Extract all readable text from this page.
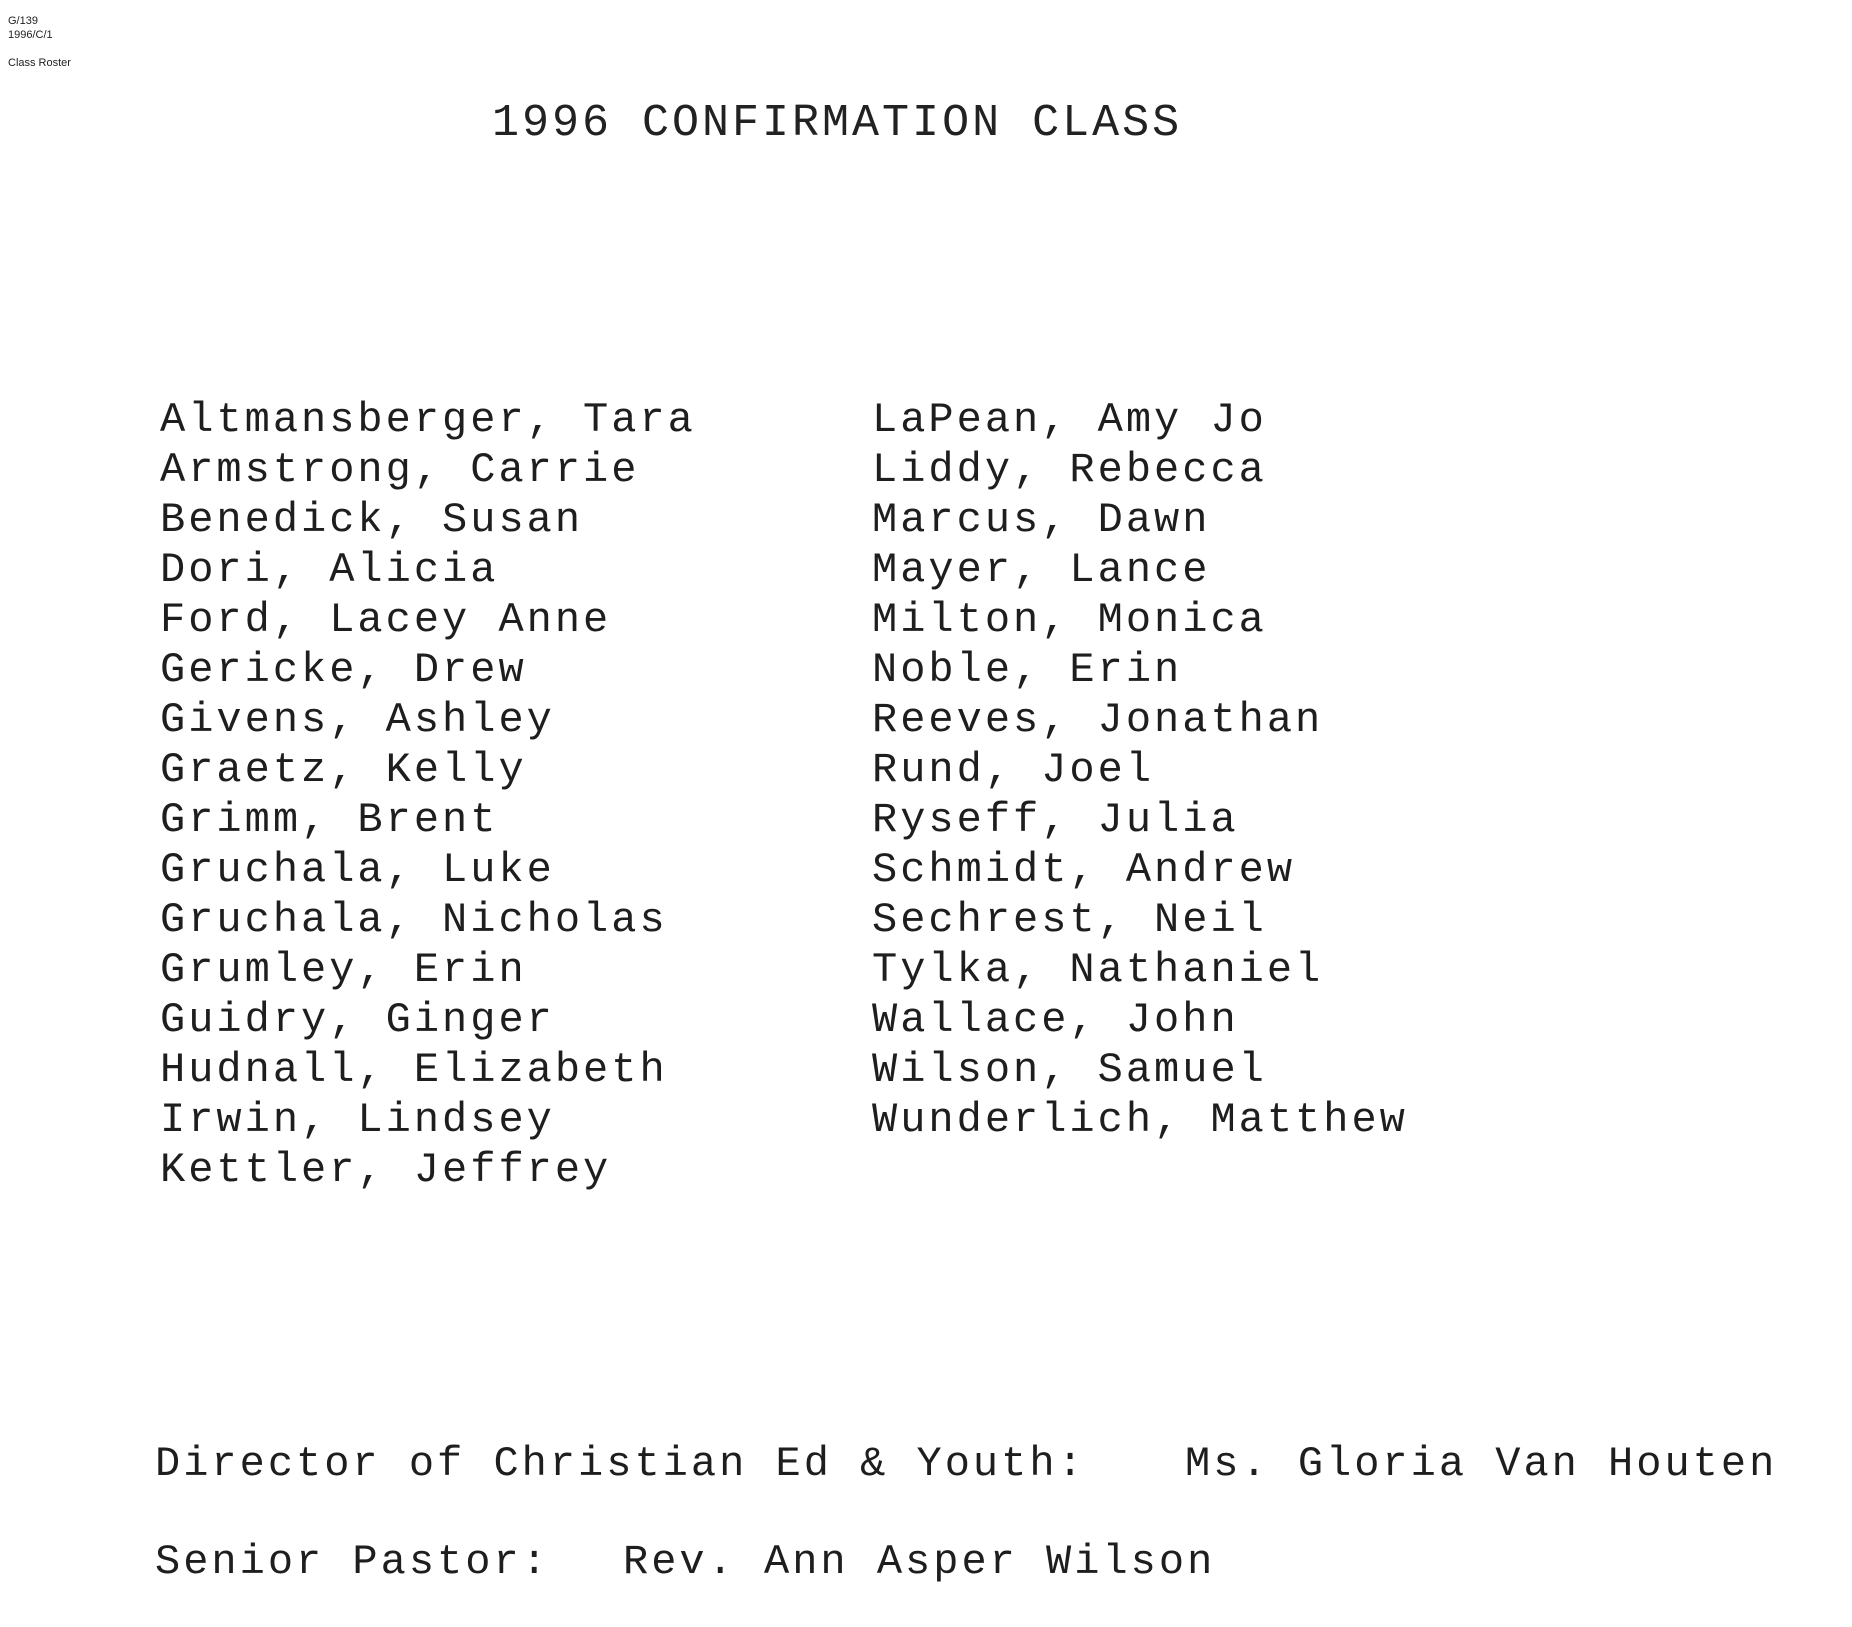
G/139
1996/C/1
Class Roster
1996 CONFIRMATION CLASS
Altmansberger, Tara
Armstrong, Carrie
Benedick, Susan
Dori, Alicia
Ford, Lacey Anne
Gericke, Drew
Givens, Ashley
Graetz, Kelly
Grimm, Brent
Gruchala, Luke
Gruchala, Nicholas
Grumley, Erin
Guidry, Ginger
Hudnall, Elizabeth
Irwin, Lindsey
Kettler, Jeffrey
LaPean, Amy Jo
Liddy, Rebecca
Marcus, Dawn
Mayer, Lance
Milton, Monica
Noble, Erin
Reeves, Jonathan
Rund, Joel
Ryseff, Julia
Schmidt, Andrew
Sechrest, Neil
Tylka, Nathaniel
Wallace, John
Wilson, Samuel
Wunderlich, Matthew
Director of Christian Ed & Youth: Ms. Gloria Van Houten
Senior Pastor: Rev. Ann Asper Wilson
